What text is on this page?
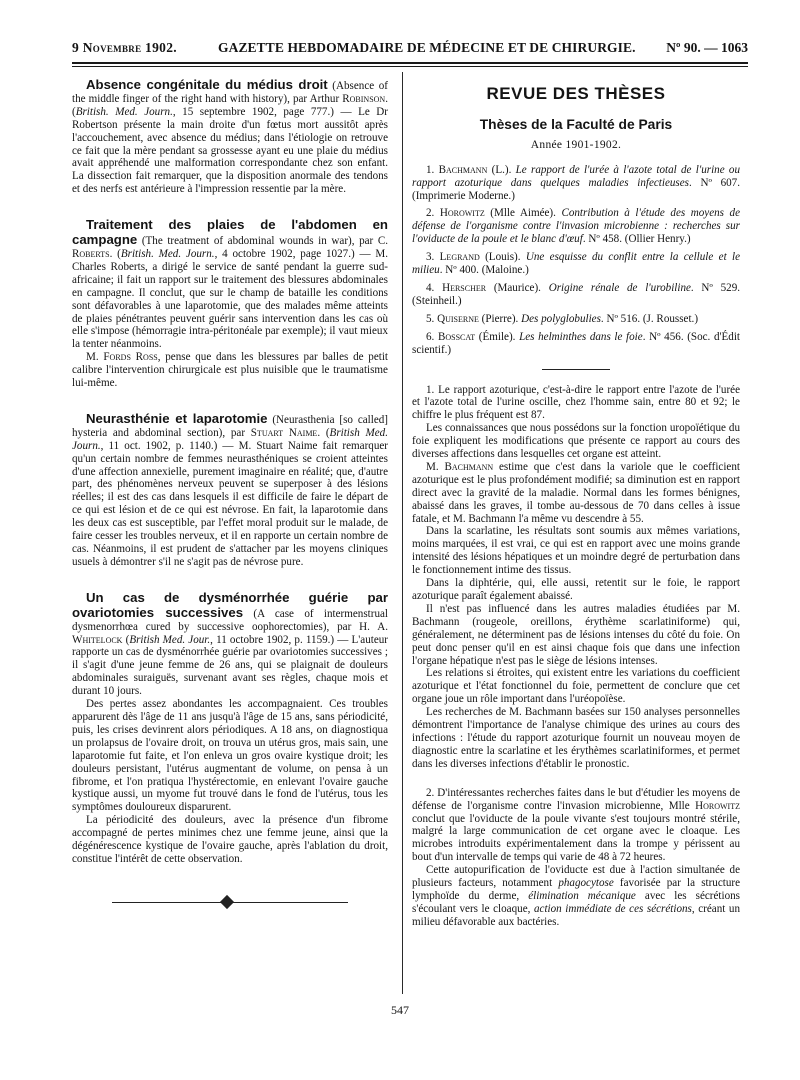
9 Novembre 1902.	GAZETTE HEBDOMADAIRE DE MÉDECINE ET DE CHIRURGIE. Nº 90. — 1063

Absence congénitale du médius droit (Absence of the middle finger of the right hand with history), par Arthur Robinson. (British. Med. Journ., 15 septembre 1902, page 777.) — Le Dr Robertson présente la main droite d'un fœtus mort aussitôt après l'accouchement, avec absence du médius; dans l'étiologie on retrouve ce fait que la mère pendant sa grossesse ayant eu une plaie du médius avait appréhendé une malformation correspondante chez son enfant. La dissection fait remarquer, que la disposition anormale des tendons et des nerfs est antérieure à l'impression ressentie par la mère.

Traitement des plaies de l'abdomen en campagne (The treatment of abdominal wounds in war), par C. Roberts. (British. Med. Journ., 4 octobre 1902, page 1027.) — M. Charles Roberts, a dirigé le service de santé pendant la guerre sud-africaine; il fait un rapport sur le traitement des blessures abdominales en campagne. Il conclut, que sur le champ de bataille les conditions sont défavorables à une laparotomie, que des malades même atteints de plaies pénétrantes peuvent guérir sans intervention dans les cas où elle s'impose (hémorragie intra-péritonéale par exemple); il vaut mieux la tenter néanmoins.

M. Fords Ross, pense que dans les blessures par balles de petit calibre l'intervention chirurgicale est plus nuisible que le traumatisme lui-même.

Neurasthénie et laparotomie (Neurasthenia [so called] hysteria and abdominal section), par Stuart Naime. (British Med. Journ., 11 oct. 1902, p. 1140.) — M. Stuart Naime fait remarquer qu'un certain nombre de femmes neurasthéniques se croient atteintes d'une affection annexielle, purement imaginaire en réalité; que, d'autre part, des phénomènes nerveux peuvent se superposer à des lésions réelles; il est des cas dans lesquels il est difficile de faire le départ de ce qui est lésion et de ce qui est névrose. En fait, la laparotomie dans les deux cas est susceptible, par l'effet moral produit sur le malade, de faire cesser les troubles nerveux, et il en rapporte un certain nombre de cas. Néanmoins, il est prudent de s'attacher par les moyens cliniques usuels à démontrer s'il ne s'agit pas de névrose pure.

Un cas de dysménorrhée guérie par ovariotomies successives (A case of intermenstrual dysmenorrhœa cured by successive oophorectomies), par H. A. Whitelock (British Med. Jour., 11 octobre 1902, p. 1159.) — L'auteur rapporte un cas de dysménorrhée guérie par ovariotomies successives ; il s'agit d'une jeune femme de 26 ans, qui se plaignait de douleurs abdominales suraiguës, survenant avant ses règles, chaque mois et durant 10 jours.

Des pertes assez abondantes les accompagnaient. Ces troubles apparurent dès l'âge de 11 ans jusqu'à l'âge de 15 ans, sans périodicité, puis, les crises devinrent alors périodiques. A 18 ans, on diagnostiqua un prolapsus de l'ovaire droit, on trouva un utérus gros, mais sain, une laparotomie fut faite, et l'on enleva un gros ovaire kystique droit; les douleurs persistant, l'utérus augmentant de volume, on pensa à un fibrome, et l'on pratiqua l'hystérectomie, en enlevant l'ovaire gauche kystique aussi, un myome fut trouvé dans le fond de l'utérus, tous les symptômes douloureux disparurent.

La périodicité des douleurs, avec la présence d'un fibrome accompagné de pertes minimes chez une femme jeune, ainsi que la dégénérescence kystique de l'ovaire gauche, après l'ablation du droit, constitue l'intérêt de cette observation.

REVUE DES THÈSES
Thèses de la Faculté de Paris
Année 1901-1902.
1. Bachmann (L.). Le rapport de l'urée à l'azote total de l'urine ou rapport azoturique dans quelques maladies infectieuses. Nº 607. (Imprimerie Moderne.)
2. Horowitz (Mlle Aimée). Contribution à l'étude des moyens de défense de l'organisme contre l'invasion microbienne : recherches sur l'oviducte de la poule et le blanc d'œuf. Nº 458. (Ollier Henry.)
3. Legrand (Louis). Une esquisse du conflit entre la cellule et le milieu. Nº 400. (Maloine.)
4. Herscher (Maurice). Origine rénale de l'urobiline. Nº 529. (Steinheil.)
5. Quiserne (Pierre). Des polyglobulies. Nº 516. (J. Rousset.)
6. Bosscat (Émile). Les helminthes dans le foie. Nº 456. (Soc. d'Édit scientif.)

1. Le rapport azoturique, c'est-à-dire le rapport entre l'azote de l'urée et l'azote total de l'urine oscille, chez l'homme sain, entre 80 et 92; le chiffre le plus fréquent est 87.

Les connaissances que nous possédons sur la fonction uropoïétique du foie expliquent les modifications que présente ce rapport au cours des diverses affections dans lesquelles cet organe est atteint.

M. Bachmann estime que c'est dans la variole que le coefficient azoturique est le plus profondément modifié; sa diminution est en rapport direct avec la gravité de la maladie. Normal dans les formes bénignes, abaissé dans les graves, il tombe au-dessous de 70 dans celles à issue fatale, et M. Bachmann l'a même vu descendre à 55.

Dans la scarlatine, les résultats sont soumis aux mêmes variations, moins marquées, il est vrai, ce qui est en rapport avec une moins grande intensité des lésions hépatiques et un moindre degré de perturbation dans le fonctionnement intime des tissus.

Dans la diphtérie, qui, elle aussi, retentit sur le foie, le rapport azoturique paraît également abaissé.

Il n'est pas influencé dans les autres maladies étudiées par M. Bachmann (rougeole, oreillons, érythème scarlatiniforme) qui, généralement, ne déterminent pas de lésions intenses du côté du foie. On peut donc penser qu'il en est ainsi chaque fois que dans une infection l'organe hépatique n'est pas le siège de lésions intenses.

Les relations si étroites, qui existent entre les variations du coefficient azoturique et l'état fonctionnel du foie, permettent de conclure que cet organe joue un rôle important dans l'uréopoïèse.

Les recherches de M. Bachmann basées sur 150 analyses personnelles démontrent l'importance de l'analyse chimique des urines au cours des infections : l'étude du rapport azoturique fournit un nouveau moyen de diagnostic entre la scarlatine et les érythèmes scarlatiniformes, et permet dans les diverses infections d'établir le pronostic.

2. D'intéressantes recherches faites dans le but d'étudier les moyens de défense de l'organisme contre l'invasion microbienne, Mlle Horowitz conclut que l'oviducte de la poule vivante s'est toujours montré stérile, malgré la large communication de cet organe avec le cloaque. Les microbes introduits expérimentalement dans la trompe y périssent au bout d'un intervalle de temps qui varie de 48 à 72 heures.

Cette autopurification de l'oviducte est due à l'action simultanée de plusieurs facteurs, notamment phagocytose favorisée par la structure lymphoïde du derme, élimination mécanique avec les sécrétions s'écoulant vers le cloaque, action immédiate de ces sécrétions, créant un milieu défavorable aux bactéries.

547
